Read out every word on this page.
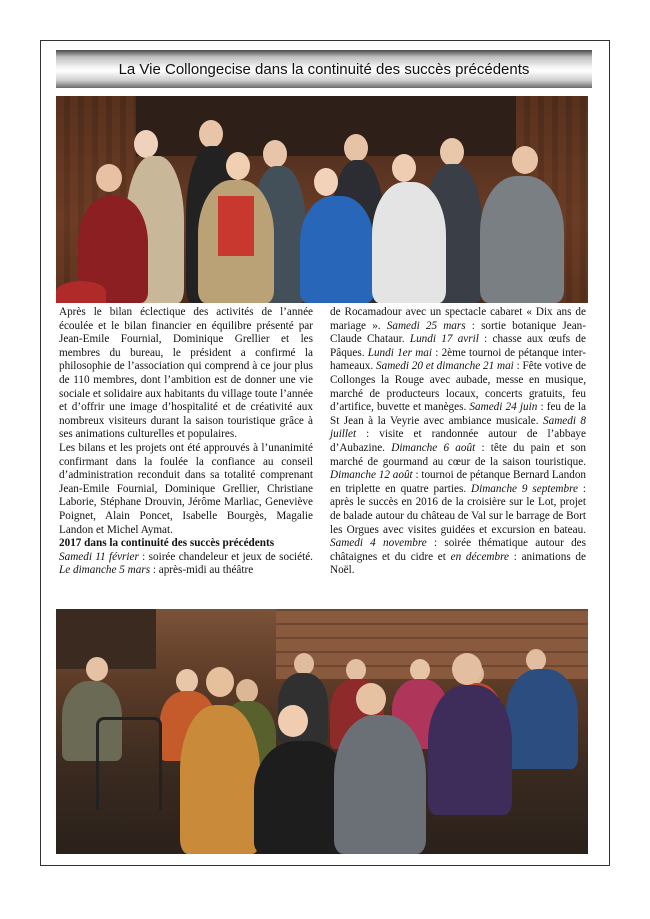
La Vie Collongecise dans la continuité des succès précédents

Après le bilan éclectique des activités de l’année écoulée et le bilan financier en équilibre présenté par Jean-Emile Fournial, Dominique Grellier et les membres du bureau, le président a confirmé la philosophie de l’association qui comprend à ce jour plus de 110 membres, dont l’ambition est de donner une vie sociale et solidaire aux habitants du village toute l’année et d’offrir une image d’hospitalité et de créativité aux nombreux visiteurs durant la saison touristique grâce à ses animations culturelles et populaires.

Les bilans et les projets ont été approuvés à l’unanimité confirmant dans la foulée la confiance au conseil d’administration reconduit dans sa totalité comprenant Jean-Emile Fournial, Dominique Grellier, Christiane Laborie, Stéphane Drouvin, Jérôme Marliac, Geneviève Poignet, Alain Poncet, Isabelle Bourgès, Magalie Landon et Michel Aymat.

2017 dans la continuité des succès précédents

Samedi 11 février : soirée chandeleur et jeux de société. Le dimanche 5 mars : après-midi au théâtre

de Rocamadour avec un spectacle cabaret « Dix ans de mariage ». Samedi 25 mars : sortie botanique Jean-Claude Chataur. Lundi 17 avril : chasse aux œufs de Pâques. Lundi 1er mai : 2ème tournoi de pétanque inter-hameaux. Samedi 20 et dimanche 21 mai : Fête votive de Collonges la Rouge avec aubade, messe en musique, marché de producteurs locaux, concerts gratuits, feu d’artifice, buvette et manèges. Samedi 24 juin : feu de la St Jean à la Veyrie avec ambiance musicale. Samedi 8 juillet : visite et randonnée autour de l’abbaye d’Aubazine. Dimanche 6 août : tête du pain et son marché de gourmand au cœur de la saison touristique. Dimanche 12 août : tournoi de pétanque Bernard Landon en triplette en quatre parties. Dimanche 9 septembre : après le succès en 2016 de la croisière sur le Lot, projet de balade autour du château de Val sur le barrage de Bort les Orgues avec visites guidées et excursion en bateau. Samedi 4 novembre : soirée thématique autour des châtaignes et du cidre et en décembre : animations de Noël.
